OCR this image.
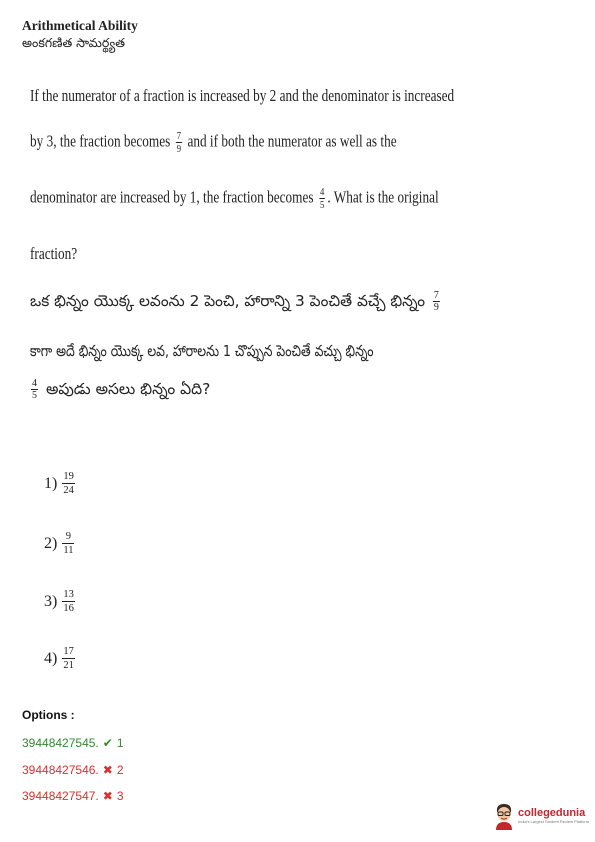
Arithmetical Ability
అంకగణిత సామర్థ్యత
If the numerator of a fraction is increased by 2 and the denominator is increased
by 3, the fraction becomes $\frac{7}{9}$ and if both the numerator as well as the
denominator are increased by 1, the fraction becomes $\frac{4}{5}$ . What is the original
fraction?
ఒక భిన్నం యొక్క లవంను 2 పెంచి, హారాన్ని 3 పెంచితే వచ్చే భిన్నం $\frac{7}{9}$
కాగా అదే భిన్నం యొక్క లవ, హారాలను 1 చొప్పున పెంచితే వచ్చు భిన్నం
$\frac{4}{5}$ అపుడు అసలు భిన్నం ఏది?
$1) \frac{19}{24}$
$2) \frac{9}{11}$
$3) \frac{13}{16}$
$4) \frac{17}{21}$
Options :
39448427545. ✔ 1
39448427546. ✖ 2
39448427547. ✖ 3
collegedunia
India's Largest Student Review Platform
